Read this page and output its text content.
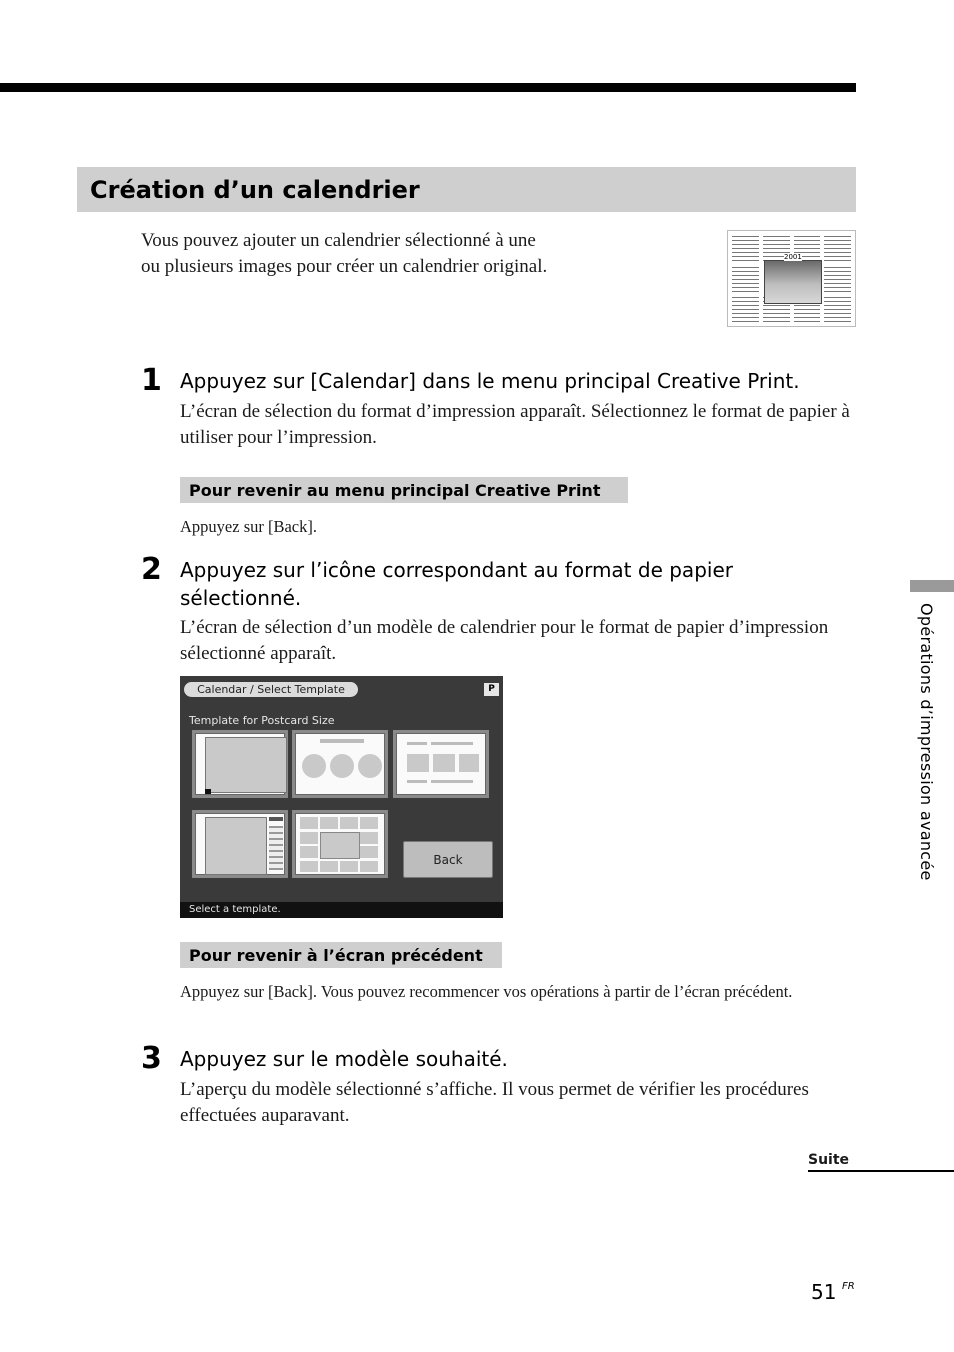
Création d’un calendrier
Vous pouvez ajouter un calendrier sélectionné à une
ou plusieurs images pour créer un calendrier original.	2001
1 Appuyez sur [Calendar] dans le menu principal Creative Print.
L’écran de sélection du format d’impression apparaît. Sélectionnez le format de papier à utiliser pour l’impression.
Pour revenir au menu principal Creative Print
Appuyez sur [Back].
2 Appuyez sur l’icône correspondant au format de papier sélectionné.
L’écran de sélection d’un modèle de calendrier pour le format de papier d’impression sélectionné apparaît.
Calendar / Select Template	P
Template for Postcard Size
Back
Select a template.
Pour revenir à l’écran précédent
Appuyez sur [Back]. Vous pouvez recommencer vos opérations à partir de l’écran précédent.
3 Appuyez sur le modèle souhaité.
L’aperçu du modèle sélectionné s’affiche. Il vous permet de vérifier les procédures effectuées auparavant.
Opérations d’impression avancée
Suite
51 FR
